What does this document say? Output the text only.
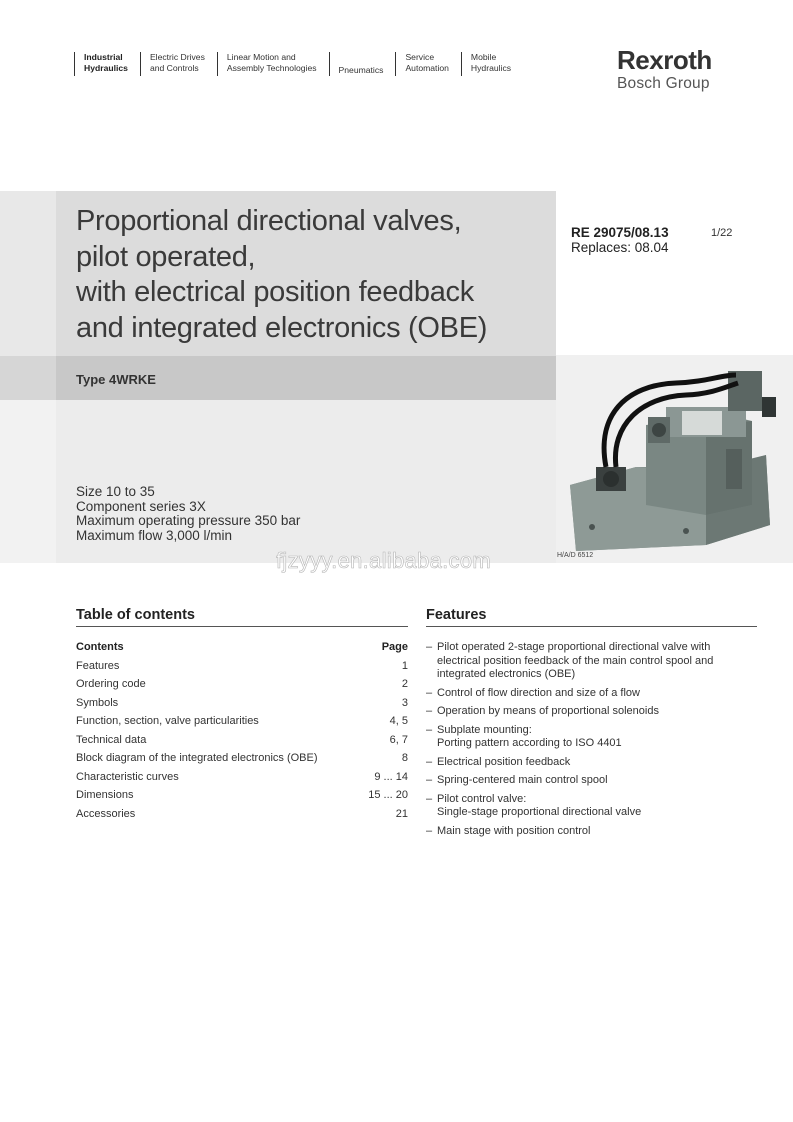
Industrial
Hydraulics
Electric Drives
and Controls
Linear Motion and
Assembly Technologies	Pneumatics
Service
Automation
Mobile
Hydraulics	Rexroth
Bosch Group
Proportional directional valves,
pilot operated,
with electrical position feedback
and integrated electronics (OBE)
RE 29075/08.13
Replaces: 08.04
1/22
Type 4WRKE
Size 10 to 35
Component series 3X
Maximum operating pressure 350 bar
Maximum flow 3,000 l/min
H/A/D 6512
fjzyyy.en.alibaba.com
Table of contents
Contents	Page
Features	1
Ordering code	2
Symbols	3
Function, section, valve particularities	4, 5
Technical data	6, 7
Block diagram of the integrated electronics (OBE)	8
Characteristic curves	9 ... 14
Dimensions	15 ... 20
Accessories	21
Features
– Pilot operated 2-stage proportional directional valve with
electrical position feedback of the main control spool and
integrated electronics (OBE)
– Control of flow direction and size of a flow
– Operation by means of proportional solenoids
– Subplate mounting:
Porting pattern according to ISO 4401
– Electrical position feedback
– Spring-centered main control spool
– Pilot control valve:
Single-stage proportional directional valve
– Main stage with position control
